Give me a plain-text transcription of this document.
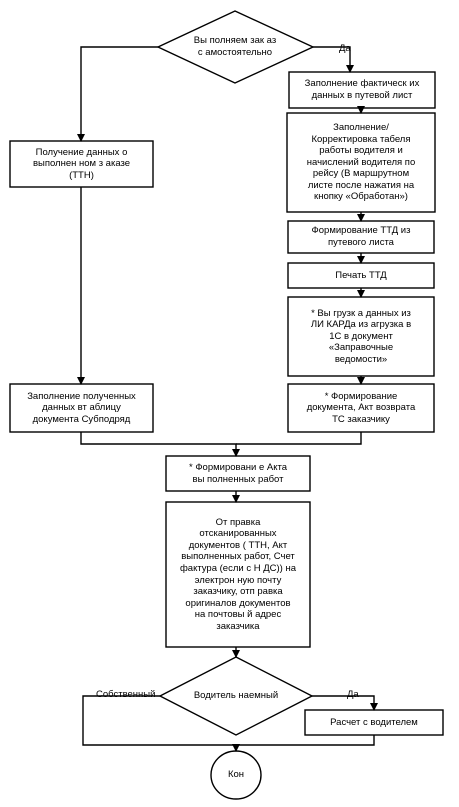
Вы полняем зак аз
с амостоятельно
Заполнение фактическ их
данных в путевой лист
Заполнение/
Корректировка табеля
работы водителя и
начислений водителя по
рейсу (В маршрутном
листе после нажатия на
кнопку «Обработан»)
Получение данных о
выполнен ном з аказе
(ТТН)
Формирование ТТД из
путевого листа
Печать ТТД
* Вы грузк а данных из
ЛИ КАРДа из агрузка в
1С в документ
«Заправочные
ведомости»
Заполнение полученных
данных вт аблицу
документа Субподряд
* Формирование
документа, Акт возврата
ТС заказчику
* Формировани е Акта
вы полненных работ
От правка
отсканированных
документов ( ТТН, Акт
выполненных работ, Счет
фактура (если с Н ДС)) на
электрон ную почту
заказчику, отп равка
оригиналов документов
на почтовы й адрес
заказчика
Водитель наемный
Расчет с водителем
Кон
Да
Собственный	Да
